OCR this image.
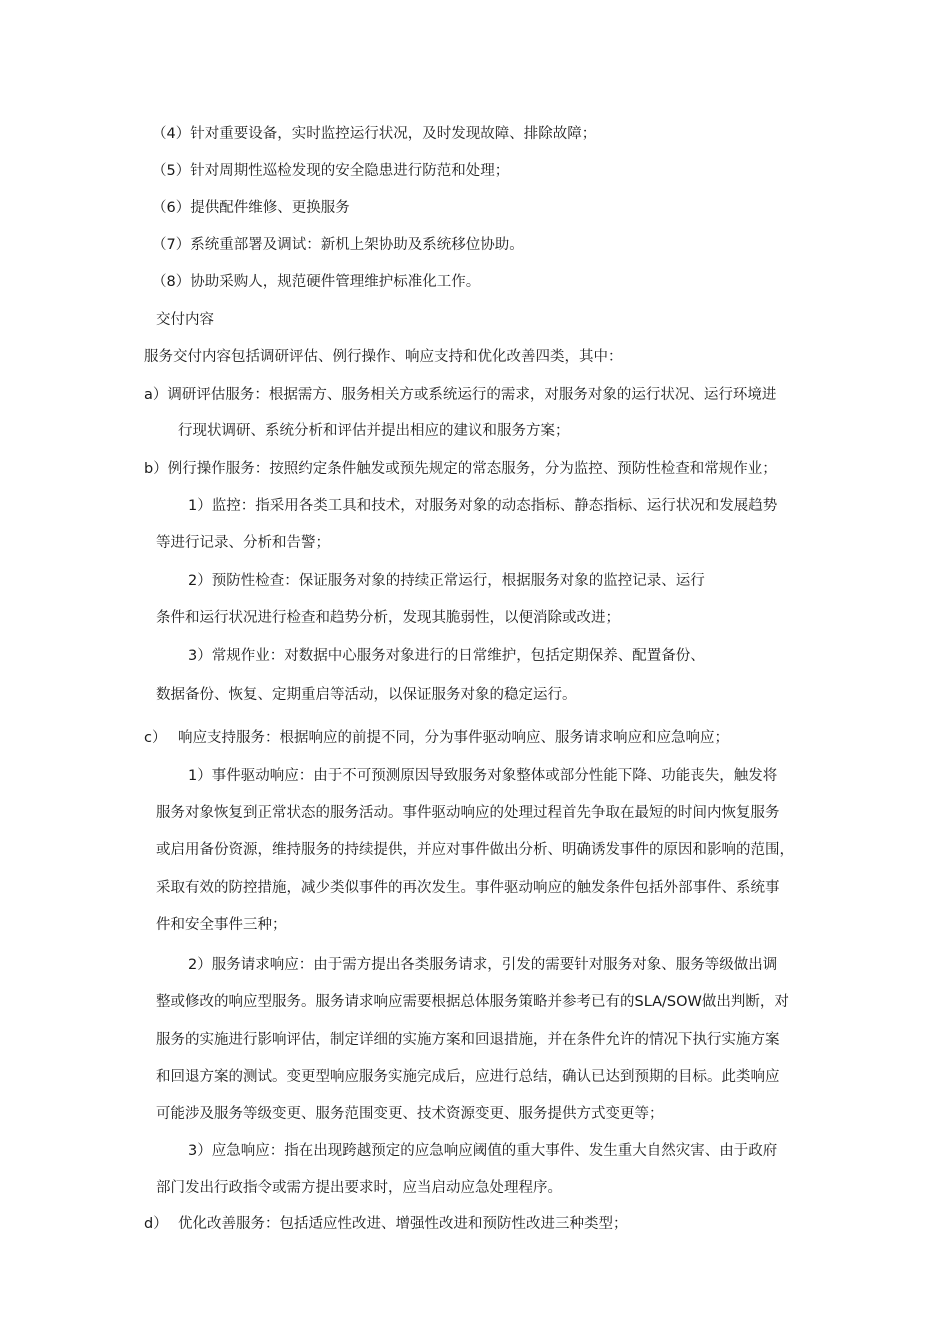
（4）针对重要设备，实时监控运行状况，及时发现故障、排除故障；
（5）针对周期性巡检发现的安全隐患进行防范和处理；
（6）提供配件维修、更换服务
（7）系统重部署及调试：新机上架协助及系统移位协助。
（8）协助采购人，规范硬件管理维护标准化工作。
交付内容
服务交付内容包括调研评估、例行操作、响应支持和优化改善四类，其中：
a）调研评估服务：根据需方、服务相关方或系统运行的需求，对服务对象的运行状况、运行环境进
行现状调研、系统分析和评估并提出相应的建议和服务方案；
b）例行操作服务：按照约定条件触发或预先规定的常态服务，分为监控、预防性检查和常规作业；
1）监控：指采用各类工具和技术，对服务对象的动态指标、静态指标、运行状况和发展趋势
等进行记录、分析和告警；
2）预防性检查：保证服务对象的持续正常运行，根据服务对象的监控记录、运行
条件和运行状况进行检查和趋势分析，发现其脆弱性，以便消除或改进；
3）常规作业：对数据中心服务对象进行的日常维护，包括定期保养、配置备份、
数据备份、恢复、定期重启等活动，以保证服务对象的稳定运行。
c） 响应支持服务：根据响应的前提不同，分为事件驱动响应、服务请求响应和应急响应；
1）事件驱动响应：由于不可预测原因导致服务对象整体或部分性能下降、功能丧失，触发将
服务对象恢复到正常状态的服务活动。事件驱动响应的处理过程首先争取在最短的时间内恢复服务
或启用备份资源，维持服务的持续提供，并应对事件做出分析、明确诱发事件的原因和影响的范围，
采取有效的防控措施，减少类似事件的再次发生。事件驱动响应的触发条件包括外部事件、系统事
件和安全事件三种；
2）服务请求响应：由于需方提出各类服务请求，引发的需要针对服务对象、服务等级做出调
整或修改的响应型服务。服务请求响应需要根据总体服务策略并参考已有的SLA/SOW做出判断，对
服务的实施进行影响评估，制定详细的实施方案和回退措施，并在条件允许的情况下执行实施方案
和回退方案的测试。变更型响应服务实施完成后，应进行总结，确认已达到预期的目标。此类响应
可能涉及服务等级变更、服务范围变更、技术资源变更、服务提供方式变更等；
3）应急响应：指在出现跨越预定的应急响应阈值的重大事件、发生重大自然灾害、由于政府
部门发出行政指令或需方提出要求时，应当启动应急处理程序。
d） 优化改善服务：包括适应性改进、增强性改进和预防性改进三种类型；
